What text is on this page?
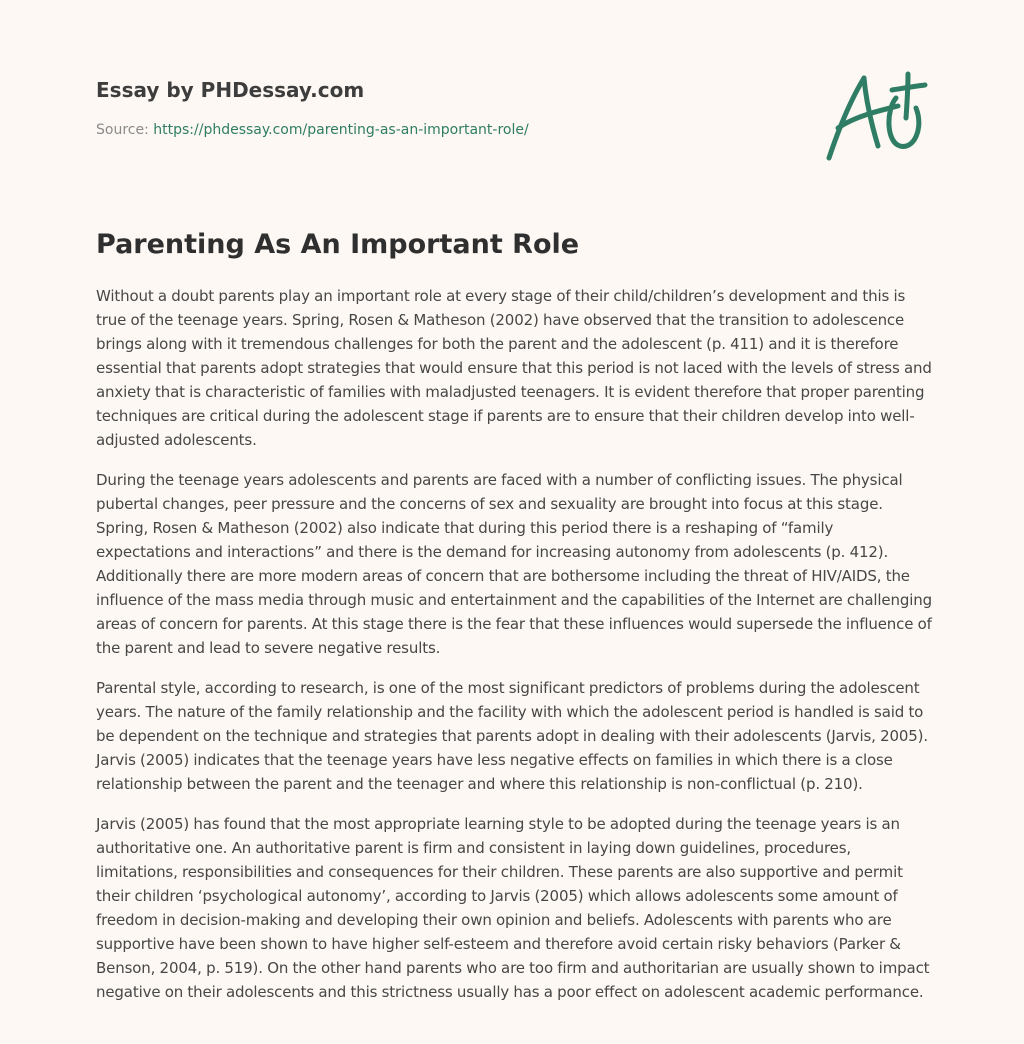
Essay by PHDessay.com
Source: https://phdessay.com/parenting-as-an-important-role/
Parenting As An Important Role

Without a doubt parents play an important role at every stage of their child/children’s development and this is true of the teenage years. Spring, Rosen & Matheson (2002) have observed that the transition to adolescence brings along with it tremendous challenges for both the parent and the adolescent (p. 411) and it is therefore essential that parents adopt strategies that would ensure that this period is not laced with the levels of stress and anxiety that is characteristic of families with maladjusted teenagers. It is evident therefore that proper parenting techniques are critical during the adolescent stage if parents are to ensure that their children develop into well-adjusted adolescents.

During the teenage years adolescents and parents are faced with a number of conflicting issues. The physical pubertal changes, peer pressure and the concerns of sex and sexuality are brought into focus at this stage. Spring, Rosen & Matheson (2002) also indicate that during this period there is a reshaping of “family expectations and interactions” and there is the demand for increasing autonomy from adolescents (p. 412). Additionally there are more modern areas of concern that are bothersome including the threat of HIV/AIDS, the influence of the mass media through music and entertainment and the capabilities of the Internet are challenging areas of concern for parents. At this stage there is the fear that these influences would supersede the influence of the parent and lead to severe negative results.

Parental style, according to research, is one of the most significant predictors of problems during the adolescent years. The nature of the family relationship and the facility with which the adolescent period is handled is said to be dependent on the technique and strategies that parents adopt in dealing with their adolescents (Jarvis, 2005). Jarvis (2005) indicates that the teenage years have less negative effects on families in which there is a close relationship between the parent and the teenager and where this relationship is non-conflictual (p. 210).

Jarvis (2005) has found that the most appropriate learning style to be adopted during the teenage years is an authoritative one. An authoritative parent is firm and consistent in laying down guidelines, procedures, limitations, responsibilities and consequences for their children. These parents are also supportive and permit their children ‘psychological autonomy’, according to Jarvis (2005) which allows adolescents some amount of freedom in decision-making and developing their own opinion and beliefs. Adolescents with parents who are supportive have been shown to have higher self-esteem and therefore avoid certain risky behaviors (Parker & Benson, 2004, p. 519). On the other hand parents who are too firm and authoritarian are usually shown to impact negative on their adolescents and this strictness usually has a poor effect on adolescent academic performance.
